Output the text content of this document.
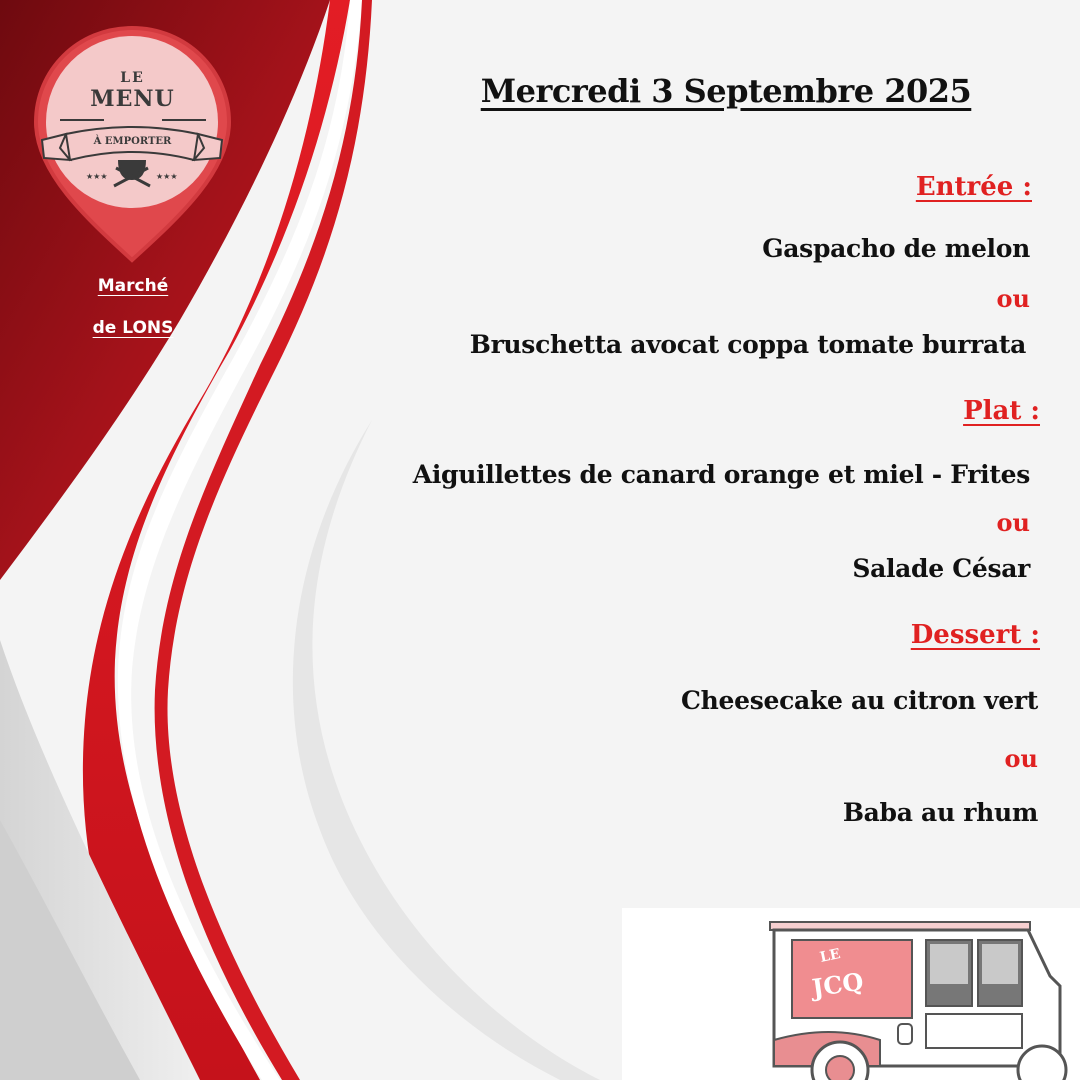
LE
MENU
À EMPORTER
★★★	★★★
Marché
de LONS
Mercredi 3 Septembre 2025
Entrée :
Gaspacho de melon
ou
Bruschetta avocat coppa tomate burrata
Plat :
Aiguillettes de canard orange et miel - Frites
ou
Salade César
Dessert :
Cheesecake au citron vert
ou
Baba au rhum
LE
JCQ
